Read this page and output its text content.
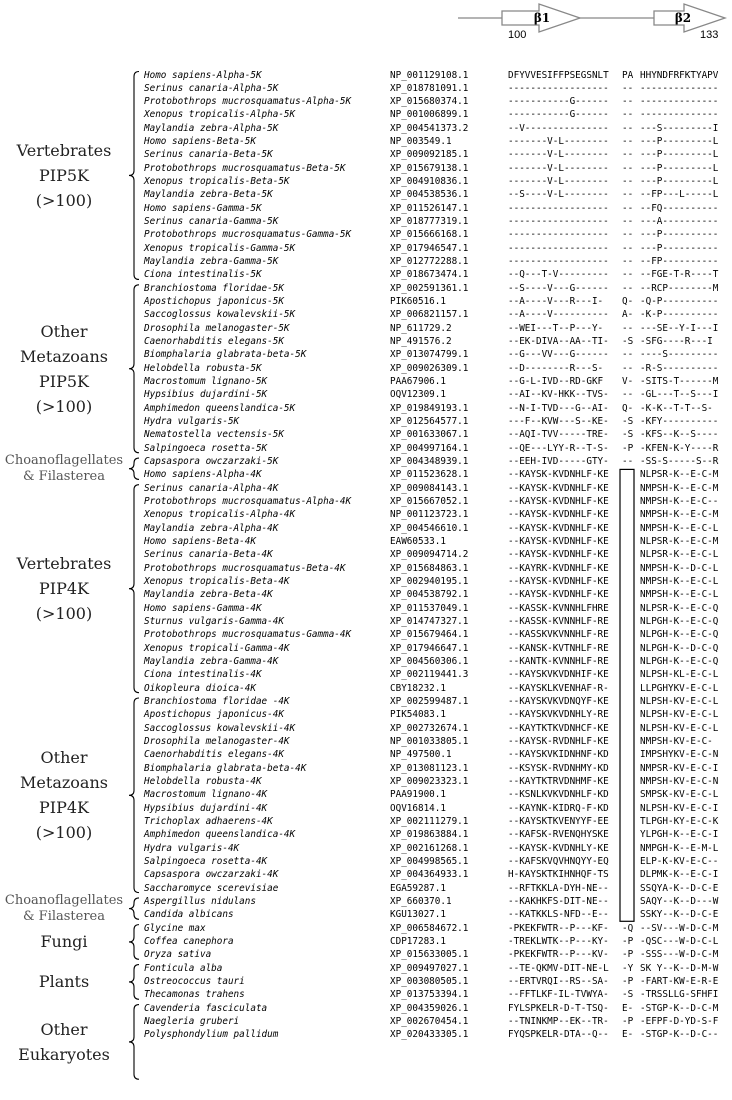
β1	β2
100	133
Vertebrates
PIP5K
(>100)
Other
Metazoans
PIP5K
(>100)
Choanoflagellates
& Filasterea
Vertebrates
PIP4K
(>100)
Other
Metazoans
PIP4K
(>100)
Choanoflagellates
& Filasterea
Fungi
Plants
Other
Eukaryotes
Homo sapiens-Alpha-5K	NP_001129108.1	DFYVVESIFFPSEGSNLT PA HHYNDFRFKTYAPV
Serinus canaria-Alpha-5K	XP_018781091.1	------------------ -- --------------
Protobothrops mucrosquamatus-Alpha-5K	XP_015680374.1	-----------G------ -- --------------
Xenopus tropicalis-Alpha-5K	NP_001006899.1	-----------G------ -- --------------
Maylandia zebra-Alpha-5K	XP_004541373.2	--V--------------- -- ---S---------I
Homo sapiens-Beta-5K	NP_003549.1	-------V-L-------- -- ---P---------L
Serinus canaria-Beta-5K	XP_009092185.1	-------V-L-------- -- ---P---------L
Protobothrops mucrosquamatus-Beta-5K	XP_015679138.1	-------V-L-------- -- ---P---------L
Xenopus tropicalis-Beta-5K	XP_004910836.1	-------V-L-------- -- ---P---------L
Maylandia zebra-Beta-5K	XP_004538536.1	--S----V-L-------- -- --FP---L-----L
Homo sapiens-Gamma-5K	XP_011526147.1	------------------ -- --FQ----------
Serinus canaria-Gamma-5K	XP_018777319.1	------------------ -- ---A----------
Protobothrops mucrosquamatus-Gamma-5K	XP_015666168.1	------------------ -- ---P----------
Xenopus tropicalis-Gamma-5K	XP_017946547.1	------------------ -- ---P----------
Maylandia zebra-Gamma-5K	XP_012772288.1	------------------ -- --FP----------
Ciona intestinalis-5K	XP_018673474.1	--Q---T-V--------- -- --FGE-T-R----T
Branchiostoma floridae-5K	XP_002591361.1	--S----V---G------ -- --RCP--------M
Apostichopus japonicus-5K	PIK60516.1	--A----V---R---I- Q- -Q-P----------
Saccoglossus kowalevskii-5K	XP_006821157.1	--A----V---------- A- -K-P----------
Drosophila melanogaster-5K	NP_611729.2	--WEI---T--P---Y- -- ---SE--Y-I---I
Caenorhabditis elegans-5K	NP_491576.2	--EK-DIVA--AA--TI- -S -SFG----R---I
Biomphalaria glabrata-beta-5K	XP_013074799.1	--G---VV---G------ -- ----S---------
Helobdella robusta-5K	XP_009026309.1	--D--------R---S- -- -R-S----------
Macrostomum lignano-5K	PAA67906.1	--G-L-IVD--RD-GKF V- -SITS-T------M
Hypsibius dujardini-5K	OQV12309.1	--AI--KV-HKK--TVS- -- -GL---T--S---I
Amphimedon queenslandica-5K	XP_019849193.1	--N-I-TVD---G--AI- Q- -K-K--T-T--S-
Hydra vulgaris-5K	XP_012564577.1	---F--KVW---S--KE- -S -KFY----------
Nematostella vectensis-5K	XP_001633067.1	--AQI-TVV-----TRE- -S -KFS--K--S----
Salpingoeca rosetta-5K	XP_004997164.1	--QE---LYY-R--T-S- -P -KFEN-K-Y----R
Capsaspora owczarzaki-5K	XP_004348939.1	--EEH-IVD-----GTY- -- -SS-S-----S--R
Homo sapiens-Alpha-4K	XP_011523628.1	--KAYSK-KVDNHLF-KE	NLPSR-K--E-C-M
Serinus canaria-Alpha-4K	XP_009084143.1	--KAYSK-KVDNHLF-KE	NMPSH-K--E-C-M
Protobothrops mucrosquamatus-Alpha-4K	XP_015667052.1	--KAYSK-KVDNHLF-KE	NMPSH-K--E-C--
Xenopus tropicalis-Alpha-4K	NP_001123723.1	--KAYSK-KVDNHLF-KE	NMPSH-K--E-C-M
Maylandia zebra-Alpha-4K	XP_004546610.1	--KAYSK-KVDNHLF-KE	NMPSH-K--E-C-L
Homo sapiens-Beta-4K	EAW60533.1	--KAYSK-KVDNHLF-KE	NLPSR-K--E-C-M
Serinus canaria-Beta-4K	XP_009094714.2	--KAYSK-KVDNHLF-KE	NLPSR-K--E-C-L
Protobothrops mucrosquamatus-Beta-4K	XP_015684863.1	--KAYRK-KVDNHLF-KE	NMPSH-K--D-C-L
Xenopus tropicalis-Beta-4K	XP_002940195.1	--KAYSK-KVDNHLF-KE	NMPSH-K--E-C-L
Maylandia zebra-Beta-4K	XP_004538792.1	--KAYSK-KVDNHLF-KE	NMPSH-K--E-C-L
Homo sapiens-Gamma-4K	XP_011537049.1	--KASSK-KVNNHLFHRE	NLPSR-K--E-C-Q
Sturnus vulgaris-Gamma-4K	XP_014747327.1	--KASSK-KVNNHLF-RE	NLPGH-K--E-C-Q
Protobothrops mucrosquamatus-Gamma-4K	XP_015679464.1	--KASSKVKVNNHLF-RE	NLPGH-K--E-C-Q
Xenopus tropicali-Gamma-4K	XP_017946647.1	--KANSK-KVTNHLF-RE	NLPGH-K--D-C-Q
Maylandia zebra-Gamma-4K	XP_004560306.1	--KANTK-KVNNHLF-RE	NLPGH-K--E-C-Q
Ciona intestinalis-4K	XP_002119441.3	--KAYSKVKVDNHIF-KE	NLPSH-KL-E-C-L
Oikopleura dioica-4K	CBY18232.1	--KAYSKLKVENHAF-R-	LLPGHYKV-E-C-L
Branchiostoma floridae -4K	XP_002599487.1	--KAYSKVKVDNQYF-KE	NLPSH-KV-E-C-L
Apostichopus japonicus-4K	PIK54083.1	--KAYSKVKVDNHLY-RE	NLPSH-KV-E-C-L
Saccoglossus kowalevskii-4K	XP_002732674.1	--KAYTKTKVDNHCF-KE	NLPSH-KV-E-C-L
Drosophila melanogaster-4K	NP_001033805.1	--KAYSK-RVDNHLF-KE	NMPSH-KV-E-C-
Caenorhabditis elegans-4K	NP_497500.1	--KAYSKVKIDNHNF-KD	IMPSHYKV-E-C-N
Biomphalaria glabrata-beta-4K	XP_013081123.1	--KSYSK-RVDNHMY-KD	NMPSR-KV-E-C-I
Helobdella robusta-4K	XP_009023323.1	--KAYTKTRVDNHMF-KE	NMPSH-KV-E-C-N
Macrostomum lignano-4K	PAA91900.1	--KSNLKVKVDNHLF-KD	SMPSK-KV-E-C-L
Hypsibius dujardini-4K	OQV16814.1	--KAYNK-KIDRQ-F-KD	NLPSH-KV-E-C-I
Trichoplax adhaerens-4K	XP_002111279.1	--KAYSKTKVENYYF-EE	TLPGH-KY-E-C-K
Amphimedon queenslandica-4K	XP_019863884.1	--KAFSK-RVENQHYSKE	YLPGH-K--E-C-I
Hydra vulgaris-4K	XP_002161268.1	--KAYSK-KVDNHLY-KE	NMPGH-K--E-M-L
Salpingoeca rosetta-4K	XP_004998565.1	--KAFSKVQVHNQYY-EQ	ELP-K-KV-E-C--
Capsaspora owczarzaki-4K	XP_004364933.1	H-KAYSKTKIHNHQF-TS	DLPMK-K--E-C-I
Saccharomyce scerevisiae	EGA59287.1	--RFTKKLA-DYH-NE--	SSQYA-K--D-C-E
Aspergillus nidulans	XP_660370.1	--KAKHKFS-DIT-NE--	SAQY--K--D---W
Candida albicans	KGU13027.1	--KATKKLS-NFD--E--	SSKY--K--D-C-E
Glycine max	XP_006584672.1	-PKEKFWTR--P---KF- -Q --SV---W-D-C-M
Coffea canephora	CDP17283.1	-TREKLWTK--P---KY- -P -QSC---W-D-C-L
Oryza sativa	XP_015633005.1	-PKEKFWTR--P---KV- -P -SSS---W-D-C-M
Fonticula alba	XP_009497027.1	--TE-QKMV-DIT-NE-L -Y SK Y--K--D-M-W
Ostreococcus tauri	XP_003080505.1	--ERTVRQI--RS--SA- -P -FART-KW-E-R-E
Thecamonas trahens	XP_013753394.1	--FFTLKF-IL-TVWYA- -S -TRSSLLG-SFHFI
Cavenderia fasciculata	XP_004359026.1	FYLSPKELR-D-T-TSQ- E- -STGP-K--D-C-M
Naegleria gruberi	XP_002670454.1	--TNINKMP--EK--TR- -P -EFPF-D-YD-S-F
Polysphondylium pallidum	XP_020433305.1	FYQSPKELR-DTA--Q-- E- -STGP-K--D-C--
